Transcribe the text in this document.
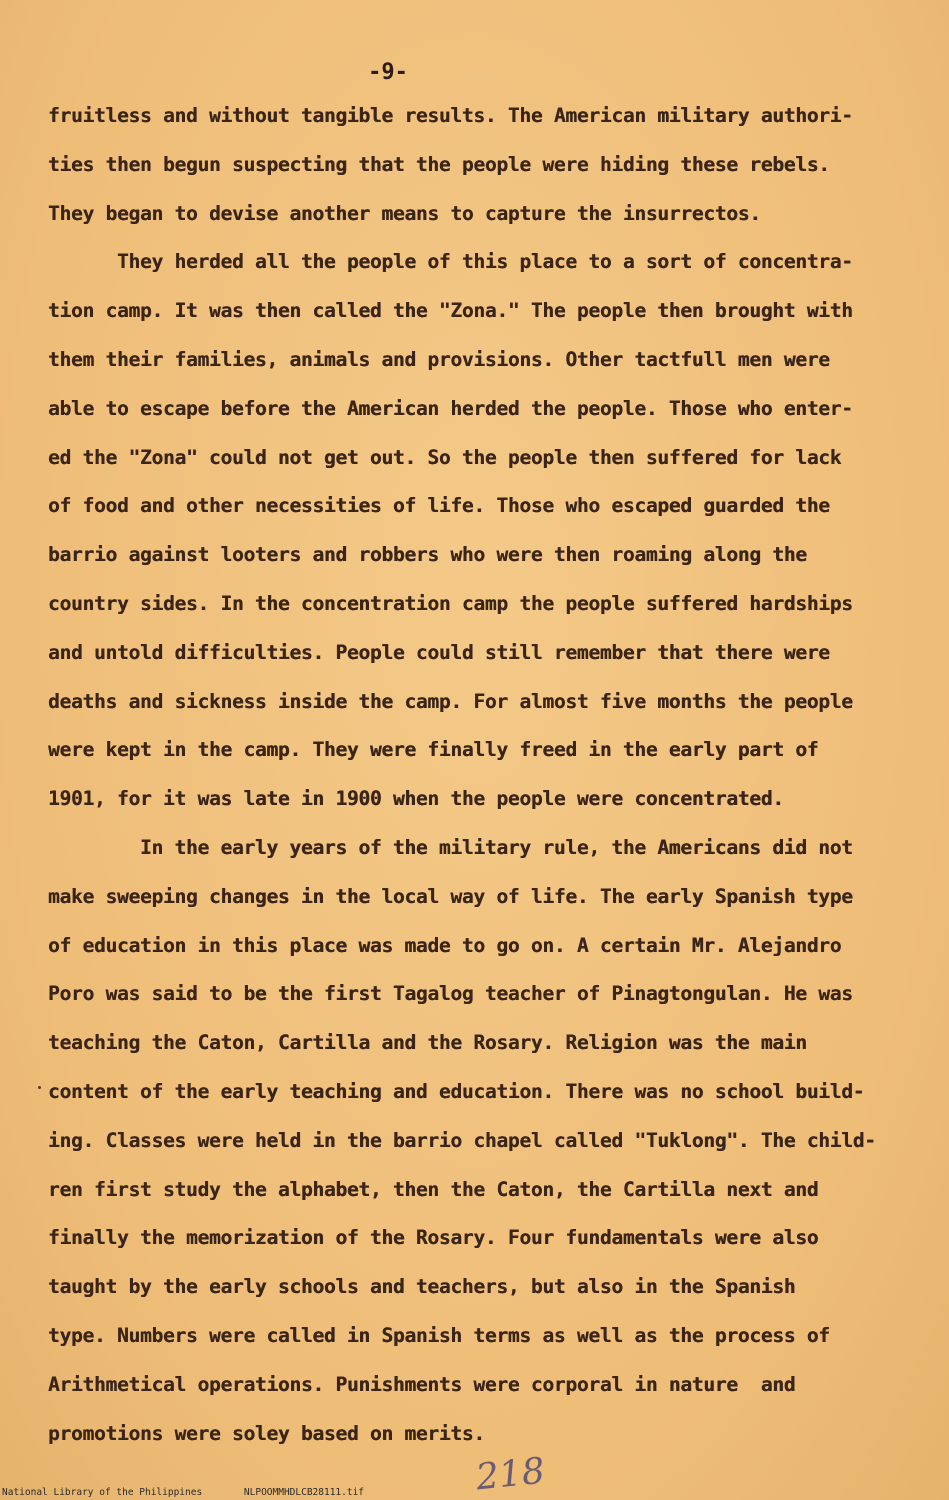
-9-
fruitless and without tangible results. The American military authori-
ties then begun suspecting that the people were hiding these rebels.
They began to devise another means to capture the insurrectos.
They herded all the people of this place to a sort of concentra-
tion camp. It was then called the "Zona." The people then brought with
them their families, animals and provisions. Other tactfull men were
able to escape before the American herded the people. Those who enter-
ed the "Zona" could not get out. So the people then suffered for lack
of food and other necessities of life. Those who escaped guarded the
barrio against looters and robbers who were then roaming along the
country sides. In the concentration camp the people suffered hardships
and untold difficulties. People could still remember that there were
deaths and sickness inside the camp. For almost five months the people
were kept in the camp. They were finally freed in the early part of
1901, for it was late in 1900 when the people were concentrated.
In the early years of the military rule, the Americans did not
make sweeping changes in the local way of life. The early Spanish type
of education in this place was made to go on. A certain Mr. Alejandro
Poro was said to be the first Tagalog teacher of Pinagtongulan. He was
teaching the Caton, Cartilla and the Rosary. Religion was the main
content of the early teaching and education. There was no school build-
ing. Classes were held in the barrio chapel called "Tuklong". The child-
ren first study the alphabet, then the Caton, the Cartilla next and
finally the memorization of the Rosary. Four fundamentals were also
taught by the early schools and teachers, but also in the Spanish
type. Numbers were called in Spanish terms as well as the process of
Arithmetical operations. Punishments were corporal in nature  and
promotions were soley based on merits.
218
National Library of the Philippines	NLPOOMMHDLCB28111.tif
